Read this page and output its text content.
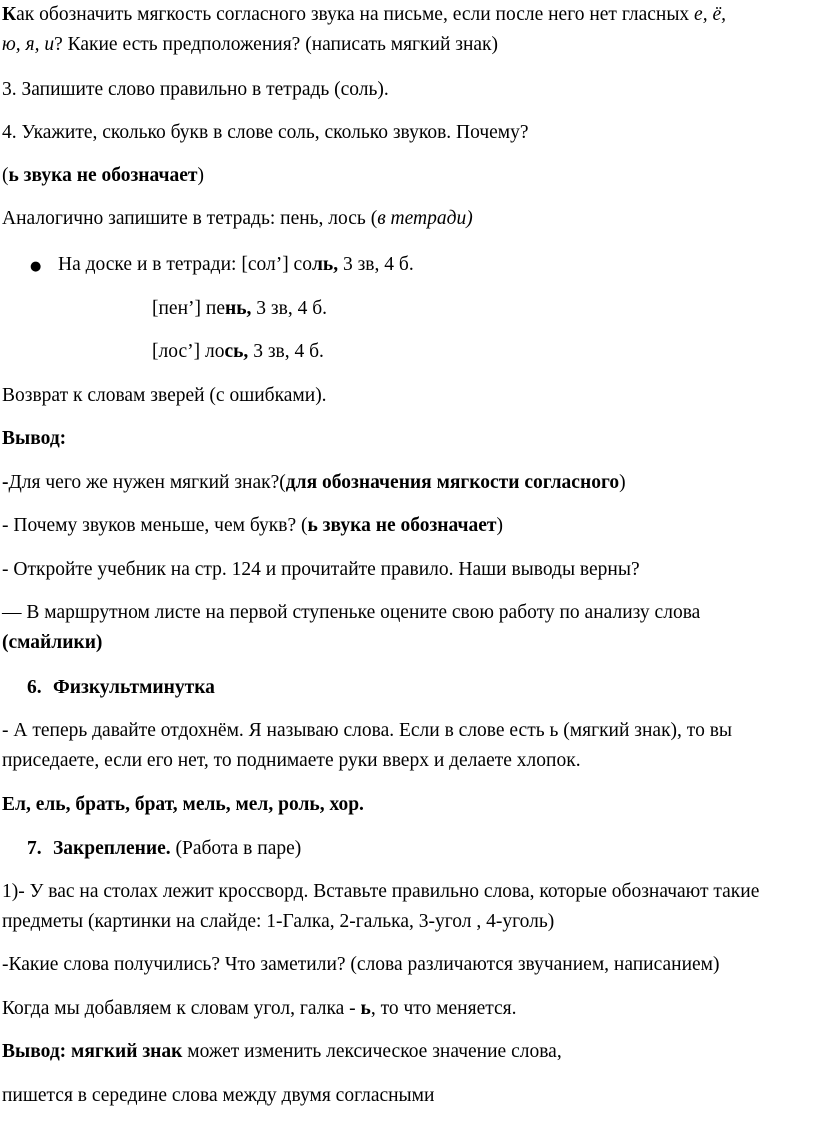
Как обозначить мягкость согласного звука на письме, если после него нет гласных е, ё,
ю, я, и? Какие есть предположения? (написать мягкий знак)
3. Запишите слово правильно в тетрадь (соль).
4. Укажите, сколько букв в слове соль, сколько звуков. Почему?
(ь звука не обозначает)
Аналогично запишите в тетрадь: пень, лось (в тетради)
● На доске и в тетради: [сол’] соль, 3 зв, 4 б.
[пен’] пень, 3 зв, 4 б.
[лос’] лось, 3 зв, 4 б.
Возврат к словам зверей (с ошибками).
Вывод:
-Для чего же нужен мягкий знак?(для обозначения мягкости согласного)
- Почему звуков меньше, чем букв? (ь звука не обозначает)
- Откройте учебник на стр. 124 и прочитайте правило. Наши выводы верны?
— В маршрутном листе на первой ступеньке оцените свою работу по анализу слова
(смайлики)
6. Физкультминутка
- А теперь давайте отдохнём. Я называю слова. Если в слове есть ь (мягкий знак), то вы приседаете, если его нет, то поднимаете руки вверх и делаете хлопок.
Ел, ель, брать, брат, мель, мел, роль, хор.
7. Закрепление. (Работа в паре)
1)- У вас на столах лежит кроссворд. Вставьте правильно слова, которые обозначают такие предметы (картинки на слайде: 1-Галка, 2-галька, 3-угол , 4-уголь)
-Какие слова получились? Что заметили? (слова различаются звучанием, написанием)
Когда мы добавляем к словам угол, галка - ь, то что меняется.
Вывод: мягкий знак может изменить лексическое значение слова,
пишется в середине слова между двумя согласными
